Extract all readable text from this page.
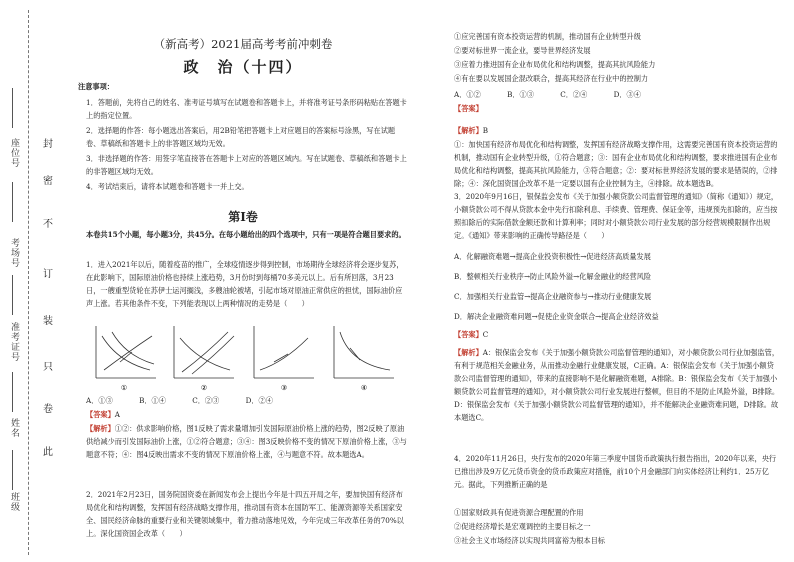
座位号
考场号
准考证号
姓名
班级
封
密
不
订
装
只
卷
此
（新高考）2021届高考考前冲刺卷
政　治（十四）
注意事项：
1．答题前，先将自己的姓名、准考证号填写在试题卷和答题卡上，并将准考证号条形码粘贴在答题卡上的指定位置。
2．选择题的作答：每小题选出答案后，用2B铅笔把答题卡上对应题目的答案标号涂黑，写在试题卷、草稿纸和答题卡上的非答题区域均无效。
3．非选择题的作答：用签字笔直接答在答题卡上对应的答题区域内。写在试题卷、草稿纸和答题卡上的非答题区域均无效。
4．考试结束后，请将本试题卷和答题卡一并上交。
第Ⅰ卷
本卷共15个小题，每小题3分，共45分。在每小题给出的四个选项中，只有一项是符合题目要求的。
1．进入2021年以后，随着疫苗的推广，全球疫情逐步得到控制，市场期待全球经济将会逐步复苏，在此影响下，国际原油价格也持续上涨趋势，3月份时到每桶70多美元以上。后有所回落，3月23日，一艘重型货轮在苏伊士运河搁浅，多艘油轮被堵，引起市场对原油正常供应的担忧，国际油价应声上涨。若其他条件不变，下列能表现以上两种情况的走势是（　　）
①	②	③	④
A．①③	B．①④	C．②③	D．②④
【答案】A
【解析】①②：供求影响价格，图1反映了需求量增加引发国际原油价格上涨的趋势，图2反映了原油供给减少而引发国际油价上涨，①②符合题意；③④：图3反映价格不变的情况下原油价格上涨，③与题意不符；④：图4反映出需求不变的情况下原油价格上涨，④与题意不符。故本题选A。
2．2021年2月23日，国务院国资委在新闻发布会上提出今年是十四五开局之年，要加快国有经济布局优化和结构调整，发挥国有经济战略支撑作用，推动国有资本在国防军工、能源资源等关系国家安全、国民经济命脉的重要行业和关键领域集中，着力推动落地见效，今年完成三年改革任务的70%以上。深化国资国企改革（　　）
①应完善国有资本投资运营的机制，推动国有企业转型升级
②要对标世界一流企业，要导世界经济发展
③应着力推进国有企业布局优化和结构调整，提高其抗风险能力
④有在要以发展国企混改联合，提高其经济在行业中的控制力
A．①②	B．①③	C．②④	D．③④
【答案】
【解析】B
①：加快国有经济布局优化和结构调整，发挥国有经济战略支撑作用，这需要完善国有资本投资运营的机制，推动国有企业转型升级，①符合题意；③：国有企业布局优化和结构调整，要求推进国有企业布局优化和结构调整，提高其抗风险能力，③符合题意；②：要对标世界经济发展的要求是错误的，②排除；④：深化国资国企改革不是一定要以国有企业控制为主，④排除。故本题选B。
3．2020年9月16日，银保监会发布《关于加强小额贷款公司监督管理的通知》（简称《通知》）规定，小额贷款公司不得从贷款本金中先行扣除利息、手续费、管理费、保证金等，违规预先扣除的，应当按照扣除后的实际借款金额还款和计算利率；同时对小额贷款公司行业发展的部分经营规模限制作出规定。《通知》带来影响的正确传导路径是（　　）
A．化解融资难题→提高企业投资积极性→促进经济高质量发展
B．整顿相关行业秩序→防止风险外溢→化解金融业的经营风险
C．加强相关行业监管→提高企业融资参与→推动行业健康发展
D．解决企业融资难问题→促使企业资金联合→提高企业经济效益
【答案】C
【解析】A：银保监会发布《关于加强小额贷款公司监督管理的通知》，对小额贷款公司行业加强监管，有利于规范相关金融业务，从而推动金融行业健康发展，C正确。A：银保监会发布《关于加强小额贷款公司监督管理的通知》，带来的直接影响不是化解融资难题，A排除。B：银保监会发布《关于加强小额贷款公司监督管理的通知》，对小额贷款公司行业发展进行整顿，但目的不是防止风险外溢，B排除。D：银保监会发布《关于加强小额贷款公司监督管理的通知》，并不能解决企业融资难问题，D排除。故本题选C。
4．2020年11月26日，央行发布的2020年第三季度中国货币政策执行报告指出，2020年以来，央行已推出涉及9万亿元货币资金的货币政策应对措施，前10个月金融部门向实体经济让利约1．25万亿元。据此，下列推断正确的是
①国家财政具有促进资源合理配置的作用
②促进经济增长是宏观调控的主要目标之一
③社会主义市场经济以实现共同富裕为根本目标
